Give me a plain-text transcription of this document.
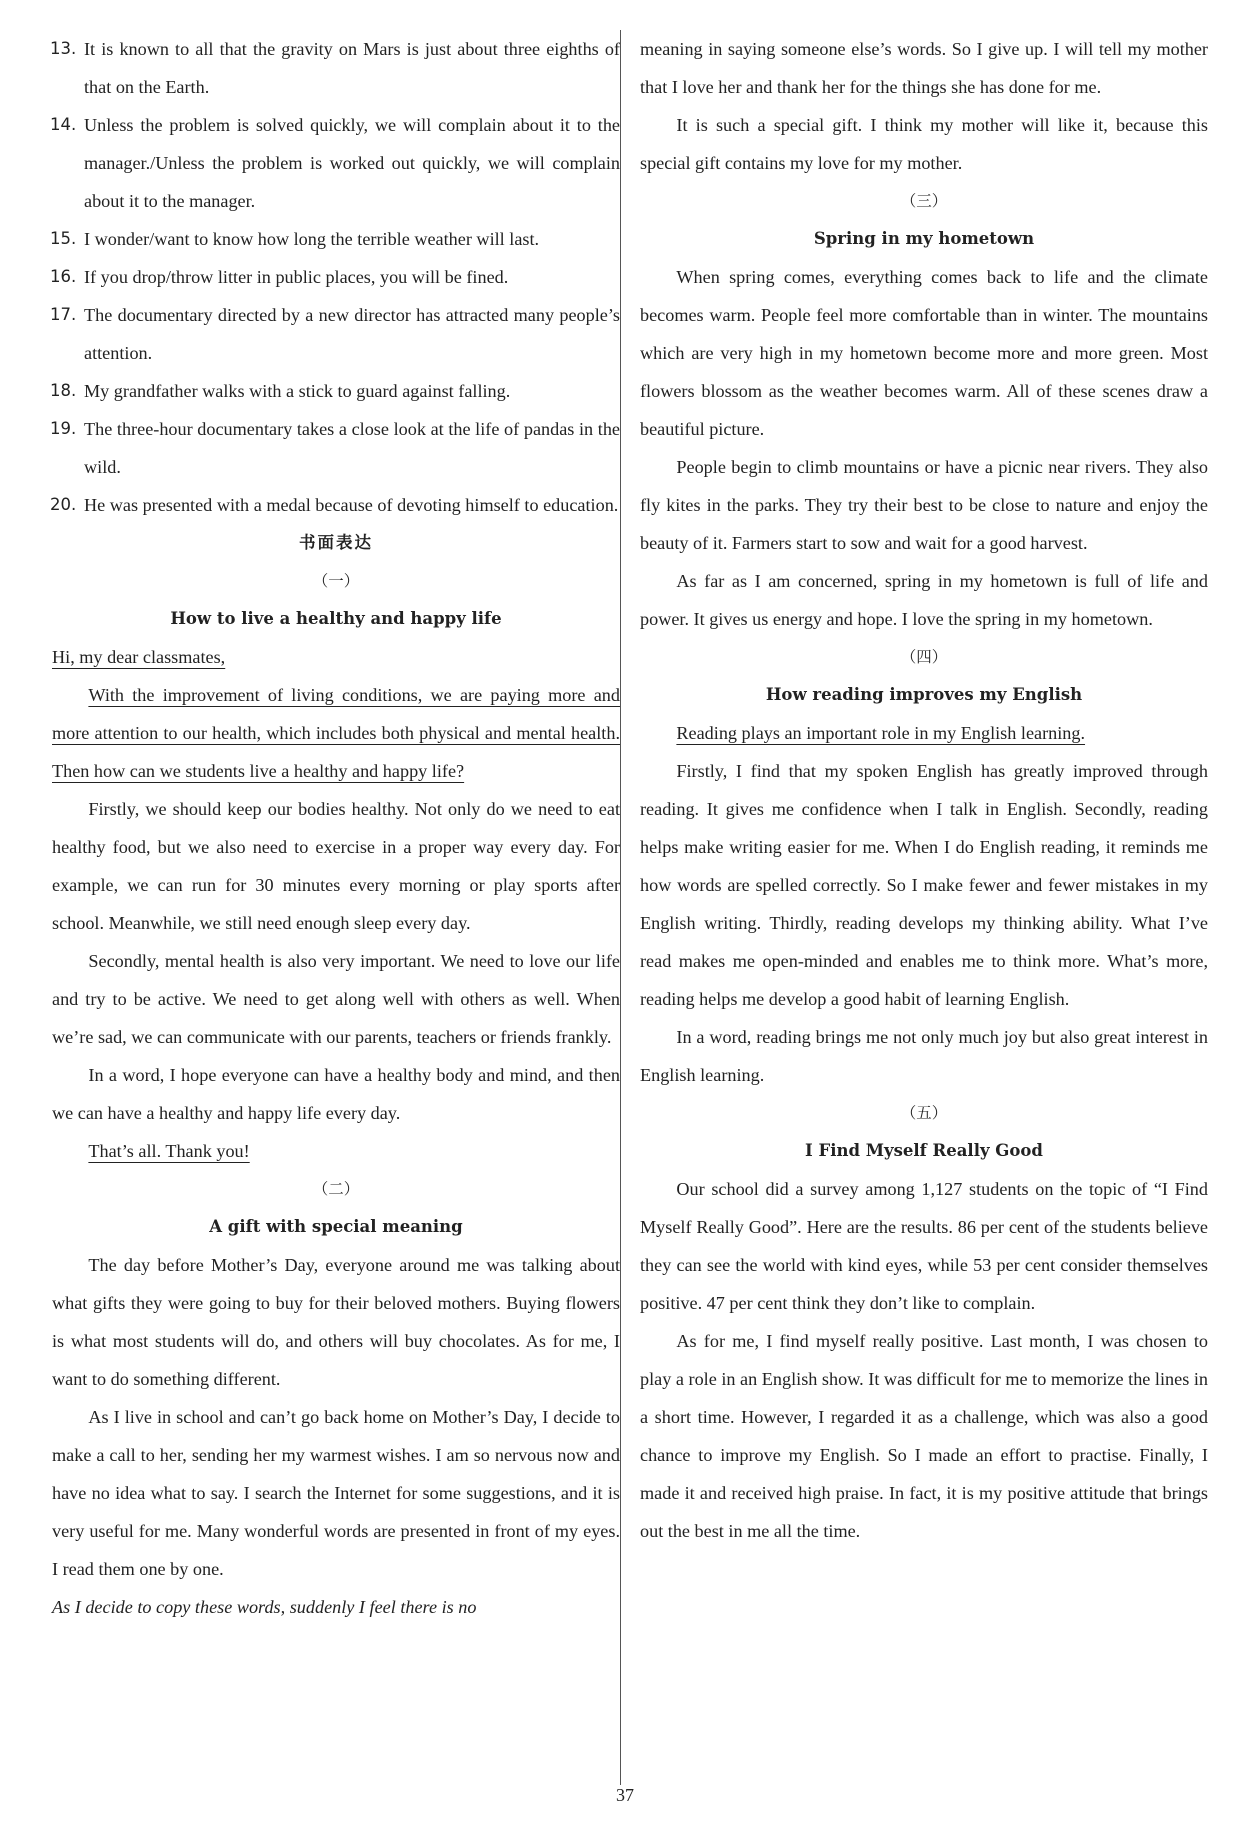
13. It is known to all that the gravity on Mars is just about three eighths of that on the Earth.
14. Unless the problem is solved quickly, we will complain about it to the manager./Unless the problem is worked out quickly, we will complain about it to the manager.
15. I wonder/want to know how long the terrible weather will last.
16. If you drop/throw litter in public places, you will be fined.
17. The documentary directed by a new director has attracted many people’s attention.
18. My grandfather walks with a stick to guard against falling.
19. The three-hour documentary takes a close look at the life of pandas in the wild.
20. He was presented with a medal because of devoting himself to education.

书面表达

（一）

How to live a healthy and happy life

Hi, my dear classmates,

With the improvement of living conditions, we are paying more and more attention to our health, which includes both physical and mental health. Then how can we students live a healthy and happy life?

Firstly, we should keep our bodies healthy. Not only do we need to eat healthy food, but we also need to exercise in a proper way every day. For example, we can run for 30 minutes every morning or play sports after school. Meanwhile, we still need enough sleep every day.

Secondly, mental health is also very important. We need to love our life and try to be active. We need to get along well with others as well. When we’re sad, we can communicate with our parents, teachers or friends frankly.

In a word, I hope everyone can have a healthy body and mind, and then we can have a healthy and happy life every day.

That’s all. Thank you!

（二）

A gift with special meaning

The day before Mother’s Day, everyone around me was talking about what gifts they were going to buy for their beloved mothers. Buying flowers is what most students will do, and others will buy chocolates. As for me, I want to do something different.

As I live in school and can’t go back home on Mother’s Day, I decide to make a call to her, sending her my warmest wishes. I am so nervous now and have no idea what to say. I search the Internet for some suggestions, and it is very useful for me. Many wonderful words are presented in front of my eyes. I read them one by one.

As I decide to copy these words, suddenly I feel there is no

meaning in saying someone else’s words. So I give up. I will tell my mother that I love her and thank her for the things she has done for me.

It is such a special gift. I think my mother will like it, because this special gift contains my love for my mother.

（三）

Spring in my hometown

When spring comes, everything comes back to life and the climate becomes warm. People feel more comfortable than in winter. The mountains which are very high in my hometown become more and more green. Most flowers blossom as the weather becomes warm. All of these scenes draw a beautiful picture.

People begin to climb mountains or have a picnic near rivers. They also fly kites in the parks. They try their best to be close to nature and enjoy the beauty of it. Farmers start to sow and wait for a good harvest.

As far as I am concerned, spring in my hometown is full of life and power. It gives us energy and hope. I love the spring in my hometown.

（四）

How reading improves my English

Reading plays an important role in my English learning.

Firstly, I find that my spoken English has greatly improved through reading. It gives me confidence when I talk in English. Secondly, reading helps make writing easier for me. When I do English reading, it reminds me how words are spelled correctly. So I make fewer and fewer mistakes in my English writing. Thirdly, reading develops my thinking ability. What I’ve read makes me open-minded and enables me to think more. What’s more, reading helps me develop a good habit of learning English.

In a word, reading brings me not only much joy but also great interest in English learning.

（五）

I Find Myself Really Good

Our school did a survey among 1,127 students on the topic of “I Find Myself Really Good”. Here are the results. 86 per cent of the students believe they can see the world with kind eyes, while 53 per cent consider themselves positive. 47 per cent think they don’t like to complain.

As for me, I find myself really positive. Last month, I was chosen to play a role in an English show. It was difficult for me to memorize the lines in a short time. However, I regarded it as a challenge, which was also a good chance to improve my English. So I made an effort to practise. Finally, I made it and received high praise. In fact, it is my positive attitude that brings out the best in me all the time.

37
